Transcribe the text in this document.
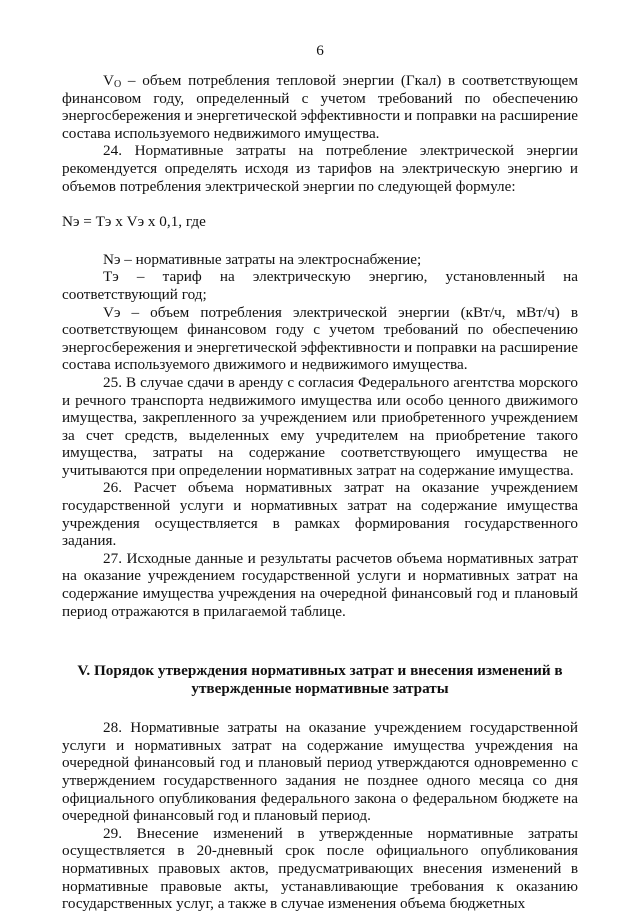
6

$V_О$ – объем потребления тепловой энергии (Гкал) в соответствующем финансовом году, определенный с учетом требований по обеспечению энергосбережения и энергетической эффективности и поправки на расширение состава используемого недвижимого имущества.

24. Нормативные затраты на потребление электрической энергии рекомендуется определять исходя из тарифов на электрическую энергию и объемов потребления электрической энергии по следующей формуле:

Nэ = Тэ х Vэ х 0,1, где

Nэ – нормативные затраты на электроснабжение;

Тэ – тариф на электрическую энергию, установленный на соответствующий год;

Vэ – объем потребления электрической энергии (кВт/ч, мВт/ч) в соответствующем финансовом году с учетом требований по обеспечению энергосбережения и энергетической эффективности и поправки на расширение состава используемого движимого и недвижимого имущества.

25. В случае сдачи в аренду с согласия Федерального агентства морского и речного транспорта недвижимого имущества или особо ценного движимого имущества, закрепленного за учреждением или приобретенного учреждением за счет средств, выделенных ему учредителем на приобретение такого имущества, затраты на содержание соответствующего имущества не учитываются при определении нормативных затрат на содержание имущества.

26. Расчет объема нормативных затрат на оказание учреждением государственной услуги и нормативных затрат на содержание имущества учреждения осуществляется в рамках формирования государственного задания.

27. Исходные данные и результаты расчетов объема нормативных затрат на оказание учреждением государственной услуги и нормативных затрат на содержание имущества учреждения на очередной финансовый год и плановый период отражаются в прилагаемой таблице.

V. Порядок утверждения нормативных затрат и внесения изменений в утвержденные нормативные затраты

28. Нормативные затраты на оказание учреждением государственной услуги и нормативных затрат на содержание имущества учреждения на очередной финансовый год и плановый период утверждаются одновременно с утверждением государственного задания не позднее одного месяца со дня официального опубликования федерального закона о федеральном бюджете на очередной финансовый год и плановый период.

29. Внесение изменений в утвержденные нормативные затраты осуществляется в 20-дневный срок после официального опубликования нормативных правовых актов, предусматривающих внесения изменений в нормативные правовые акты, устанавливающие требования к оказанию государственных услуг, а также в случае изменения объема бюджетных
